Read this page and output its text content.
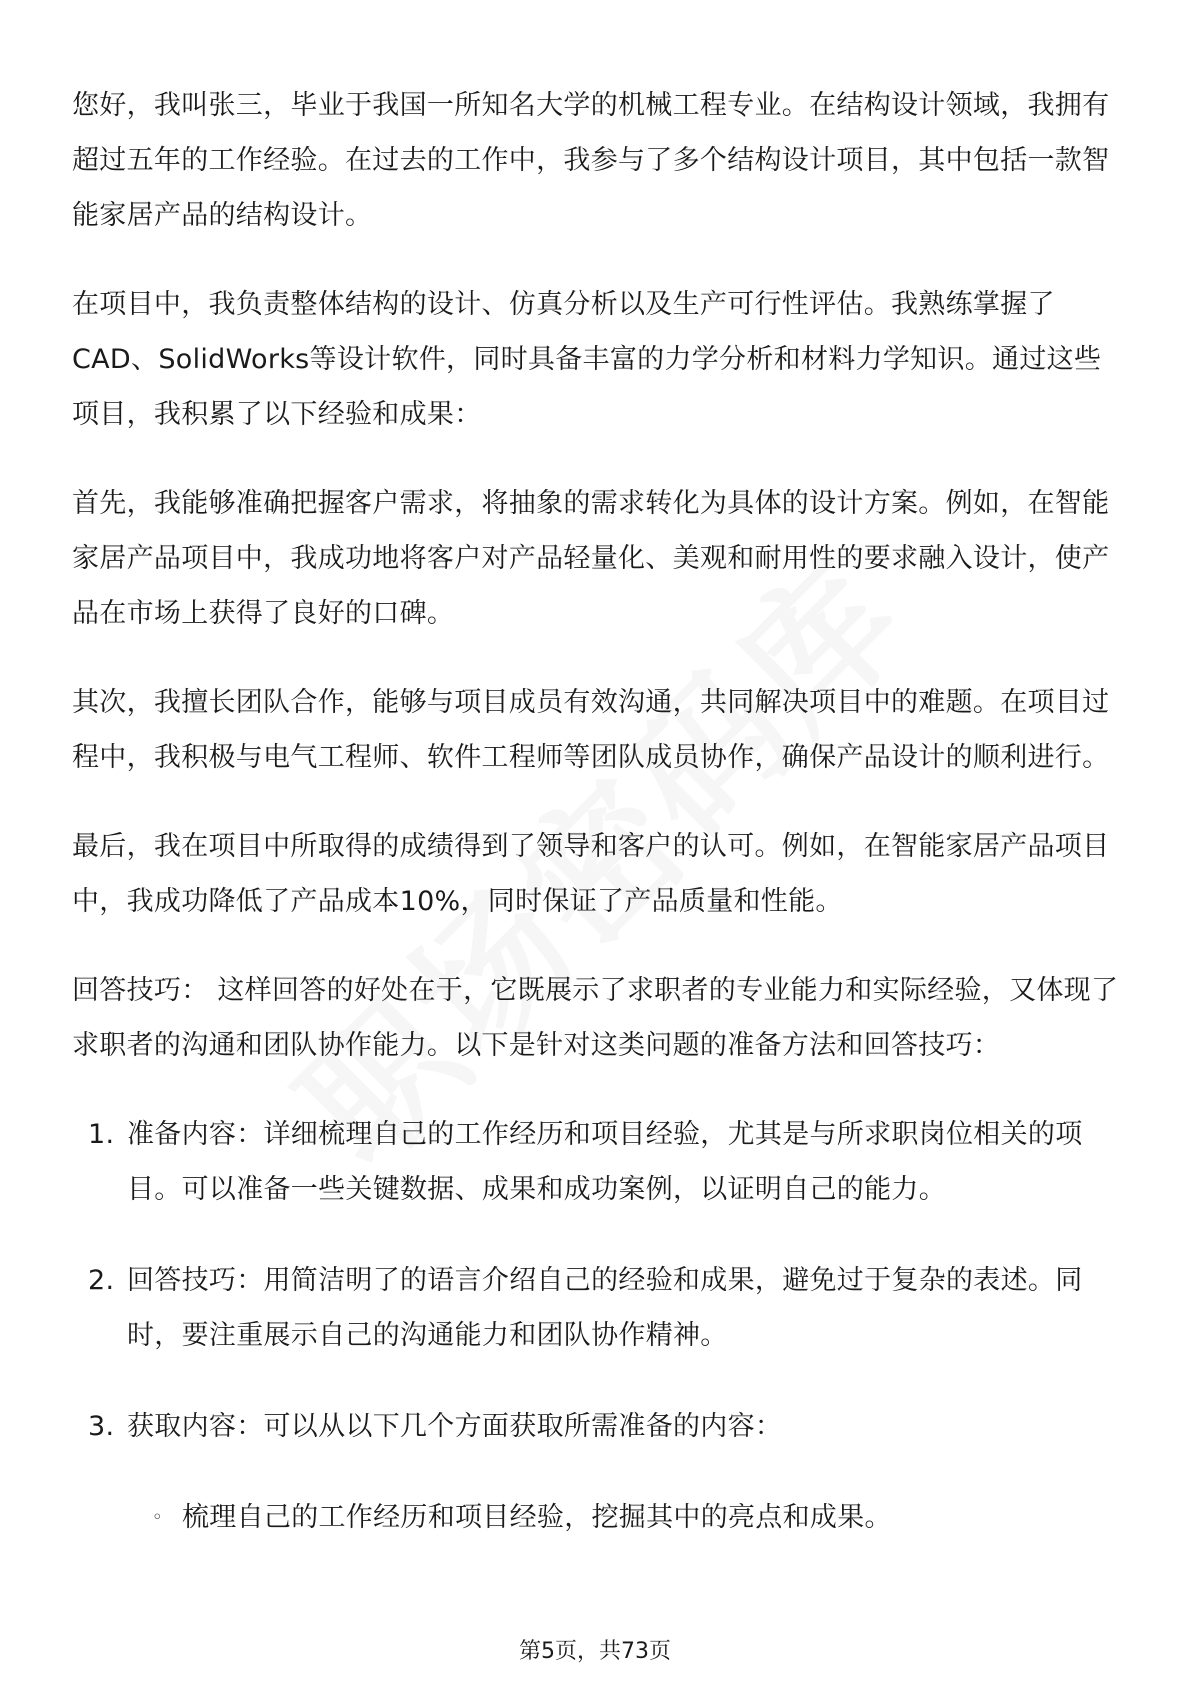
您好，我叫张三，毕业于我国一所知名大学的机械工程专业。在结构设计领域，我拥有超过五年的工作经验。在过去的工作中，我参与了多个结构设计项目，其中包括一款智能家居产品的结构设计。

在项目中，我负责整体结构的设计、仿真分析以及生产可行性评估。我熟练掌握了CAD、SolidWorks等设计软件，同时具备丰富的力学分析和材料力学知识。通过这些项目，我积累了以下经验和成果：

首先，我能够准确把握客户需求，将抽象的需求转化为具体的设计方案。例如，在智能家居产品项目中，我成功地将客户对产品轻量化、美观和耐用性的要求融入设计，使产品在市场上获得了良好的口碑。

其次，我擅长团队合作，能够与项目成员有效沟通，共同解决项目中的难题。在项目过程中，我积极与电气工程师、软件工程师等团队成员协作，确保产品设计的顺利进行。

最后，我在项目中所取得的成绩得到了领导和客户的认可。例如，在智能家居产品项目中，我成功降低了产品成本10%，同时保证了产品质量和性能。

回答技巧： 这样回答的好处在于，它既展示了求职者的专业能力和实际经验，又体现了求职者的沟通和团队协作能力。以下是针对这类问题的准备方法和回答技巧：

1. 准备内容：详细梳理自己的工作经历和项目经验，尤其是与所求职岗位相关的项目。可以准备一些关键数据、成果和成功案例，以证明自己的能力。
2. 回答技巧：用简洁明了的语言介绍自己的经验和成果，避免过于复杂的表述。同时，要注重展示自己的沟通能力和团队协作精神。
3. 获取内容：可以从以下几个方面获取所需准备的内容：
◦ 梳理自己的工作经历和项目经验，挖掘其中的亮点和成果。
第5页，共73页
